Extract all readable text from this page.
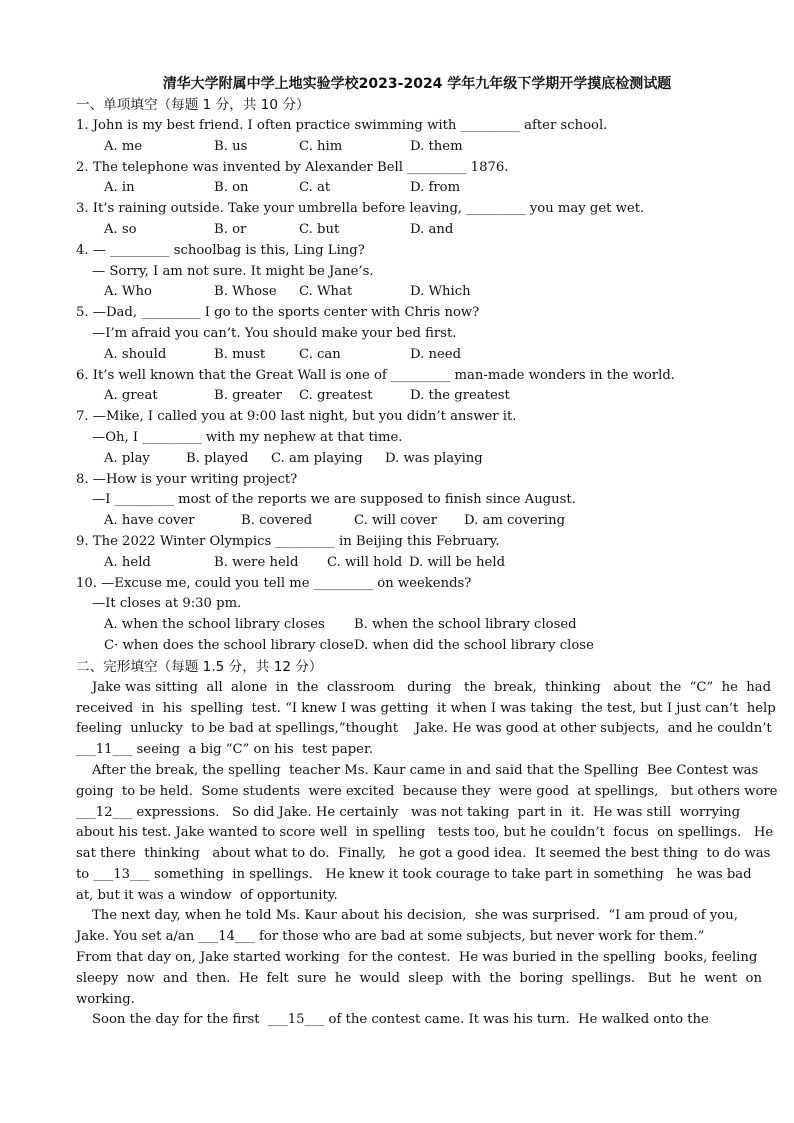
清华大学附属中学上地实验学校2023-2024 学年九年级下学期开学摸底检测试题
一、单项填空（每题 1 分，共 10 分）
1. John is my best friend. I often practice swimming with _________ after school.
A. me	B. us	C. him	D. them
2. The telephone was invented by Alexander Bell _________ 1876.
A. in	B. on	C. at	D. from
3. It’s raining outside. Take your umbrella before leaving, _________ you may get wet.
A. so	B. or	C. but	D. and
4. — _________ schoolbag is this, Ling Ling?
— Sorry, I am not sure. It might be Jane’s.
A. Who	B. Whose	C. What	D. Which
5. —Dad, _________ I go to the sports center with Chris now?
—I’m afraid you can’t. You should make your bed first.
A. should	B. must	C. can	D. need
6. It’s well known that the Great Wall is one of _________ man-made wonders in the world.
A. great	B. greater	C. greatest	D. the greatest
7. —Mike, I called you at 9:00 last night, but you didn’t answer it.
—Oh, I _________ with my nephew at that time.
A. play	B. played	C. am playing	D. was playing
8. —How is your writing project?
—I _________ most of the reports we are supposed to finish since August.
A. have cover	B. covered	C. will cover	D. am covering
9. The 2022 Winter Olympics _________ in Beijing this February.
A. held	B. were held	C. will hold D. will be held
10. —Excuse me, could you tell me _________ on weekends?
—It closes at 9:30 pm.
A. when the school library closes	B. when the school library closed
C· when does the school library close D. when did the school library close
二、完形填空（每题 1.5 分，共 12 分）
Jake was sitting  all  alone  in  the  classroom   during   the  break,  thinking   about  the  “C”  he  had
received  in  his  spelling  test. “I knew I was getting  it when I was taking  the test, but I just can’t  help
feeling  unlucky  to be bad at spellings,”thought    Jake. He was good at other subjects,  and he couldn’t
___11___ seeing  a big “C” on his  test paper.
After the break, the spelling  teacher Ms. Kaur came in and said that the Spelling  Bee Contest was
going  to be held.  Some students  were excited  because they  were good  at spellings,   but others wore
___12___ expressions.   So did Jake. He certainly   was not taking  part in  it.  He was still  worrying
about his test. Jake wanted to score well  in spelling   tests too, but he couldn’t  focus  on spellings.   He
sat there  thinking   about what to do.  Finally,   he got a good idea.  It seemed the best thing  to do was
to ___13___ something  in spellings.   He knew it took courage to take part in something   he was bad
at, but it was a window  of opportunity.
The next day, when he told Ms. Kaur about his decision,  she was surprised.  “I am proud of you,
Jake. You set a/an ___14___ for those who are bad at some subjects, but never work for them.”
From that day on, Jake started working  for the contest.  He was buried in the spelling  books, feeling
sleepy  now  and  then.  He  felt  sure  he  would  sleep  with  the  boring  spellings.   But  he  went  on
working.
Soon the day for the first  ___15___ of the contest came. It was his turn.  He walked onto the
